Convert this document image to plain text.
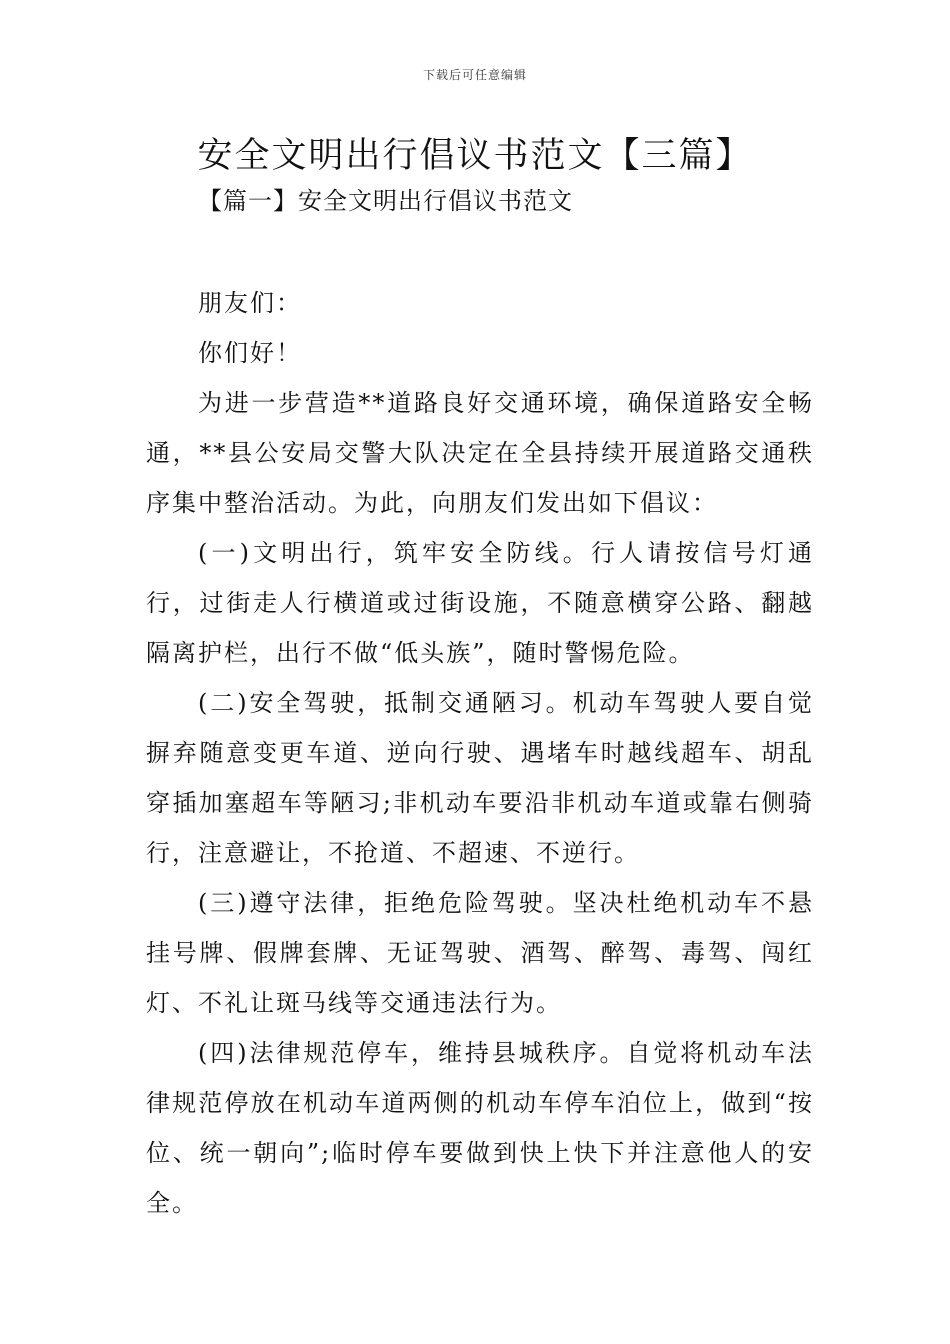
下载后可任意编辑
安全文明出行倡议书范文【三篇】
【篇一】安全文明出行倡议书范文

朋友们：

你们好！

为进一步营造**道路良好交通环境，确保道路安全畅通，**县公安局交警大队决定在全县持续开展道路交通秩序集中整治活动。为此，向朋友们发出如下倡议：

(一)文明出行，筑牢安全防线。行人请按信号灯通行，过街走人行横道或过街设施，不随意横穿公路、翻越隔离护栏，出行不做“低头族”，随时警惕危险。

(二)安全驾驶，抵制交通陋习。机动车驾驶人要自觉摒弃随意变更车道、逆向行驶、遇堵车时越线超车、胡乱穿插加塞超车等陋习;非机动车要沿非机动车道或靠右侧骑行，注意避让，不抢道、不超速、不逆行。

(三)遵守法律，拒绝危险驾驶。坚决杜绝机动车不悬挂号牌、假牌套牌、无证驾驶、酒驾、醉驾、毒驾、闯红灯、不礼让斑马线等交通违法行为。

(四)法律规范停车，维持县城秩序。自觉将机动车法律规范停放在机动车道两侧的机动车停车泊位上，做到“按位、统一朝向”;临时停车要做到快上快下并注意他人的安全。
